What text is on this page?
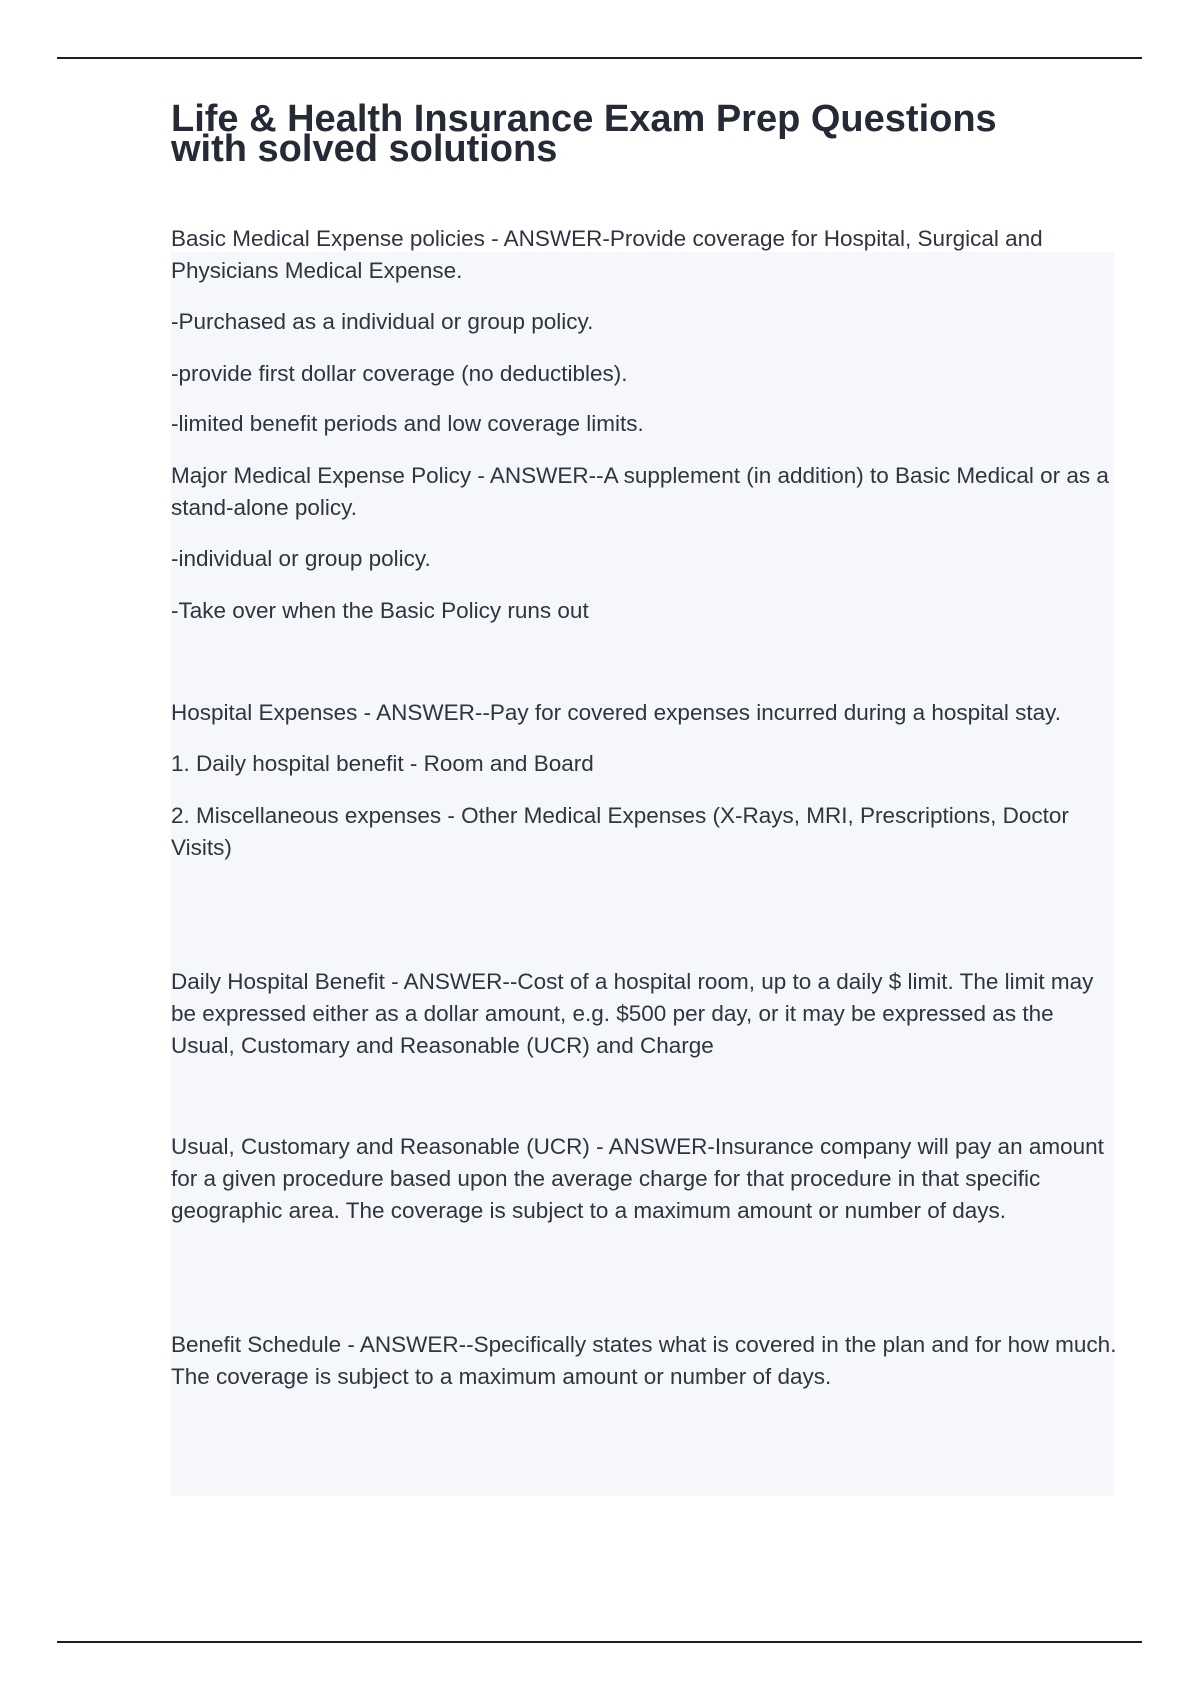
Life & Health Insurance Exam Prep Questions
with solved solutions

Basic Medical Expense policies - ANSWER-Provide coverage for Hospital, Surgical and Physicians Medical Expense.

-Purchased as a individual or group policy.

-provide first dollar coverage (no deductibles).

-limited benefit periods and low coverage limits.

Major Medical Expense Policy - ANSWER--A supplement (in addition) to Basic Medical or as a stand-alone policy.

-individual or group policy.

-Take over when the Basic Policy runs out

Hospital Expenses - ANSWER--Pay for covered expenses incurred during a hospital stay.

1. Daily hospital benefit - Room and Board

2. Miscellaneous expenses - Other Medical Expenses (X-Rays, MRI, Prescriptions, Doctor Visits)

Daily Hospital Benefit - ANSWER--Cost of a hospital room, up to a daily $ limit. The limit may be expressed either as a dollar amount, e.g. $500 per day, or it may be expressed as the Usual, Customary and Reasonable (UCR) and Charge

Usual, Customary and Reasonable (UCR) - ANSWER-Insurance company will pay an amount for a given procedure based upon the average charge for that procedure in that specific geographic area. The coverage is subject to a maximum amount or number of days.

Benefit Schedule - ANSWER--Specifically states what is covered in the plan and for how much. The coverage is subject to a maximum amount or number of days.
